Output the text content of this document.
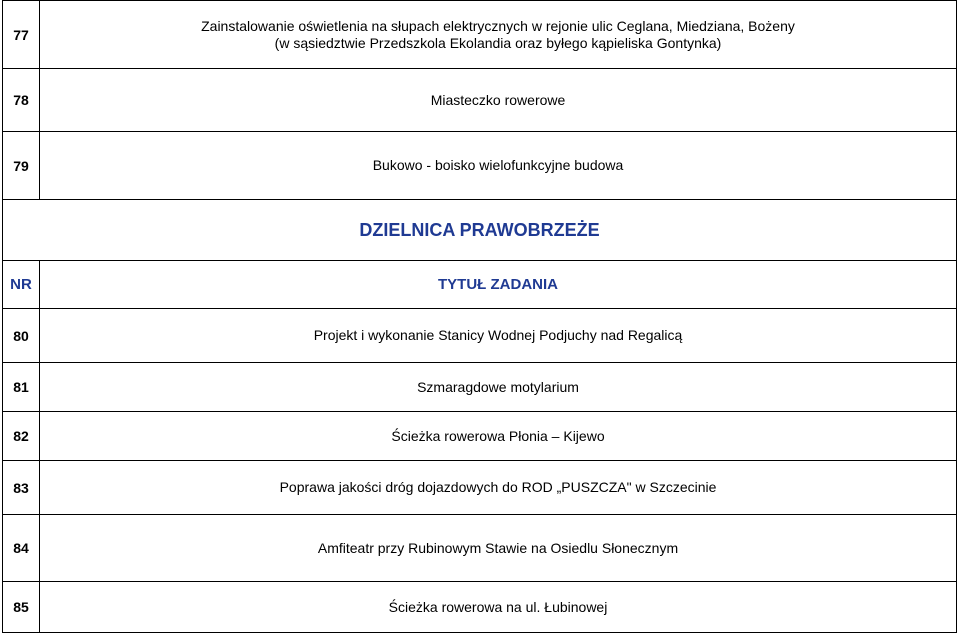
77	Zainstalowanie oświetlenia na słupach elektrycznych w rejonie ulic Ceglana, Miedziana, Bożeny
(w sąsiedztwie Przedszkola Ekolandia oraz byłego kąpieliska Gontynka)

78	Miasteczko rowerowe
79	Bukowo - boisko wielofunkcyjne budowa
DZIELNICA PRAWOBRZEŻE	
NR	TYTUŁ ZADANIA
80	Projekt i wykonanie Stanicy Wodnej Podjuchy nad Regalicą
81	Szmaragdowe motylarium
82	Ścieżka rowerowa Płonia – Kijewo
83	Poprawa jakości dróg dojazdowych do ROD „PUSZCZA" w Szczecinie
84	Amfiteatr przy Rubinowym Stawie na Osiedlu Słonecznym
85	Ścieżka rowerowa na ul. Łubinowej
